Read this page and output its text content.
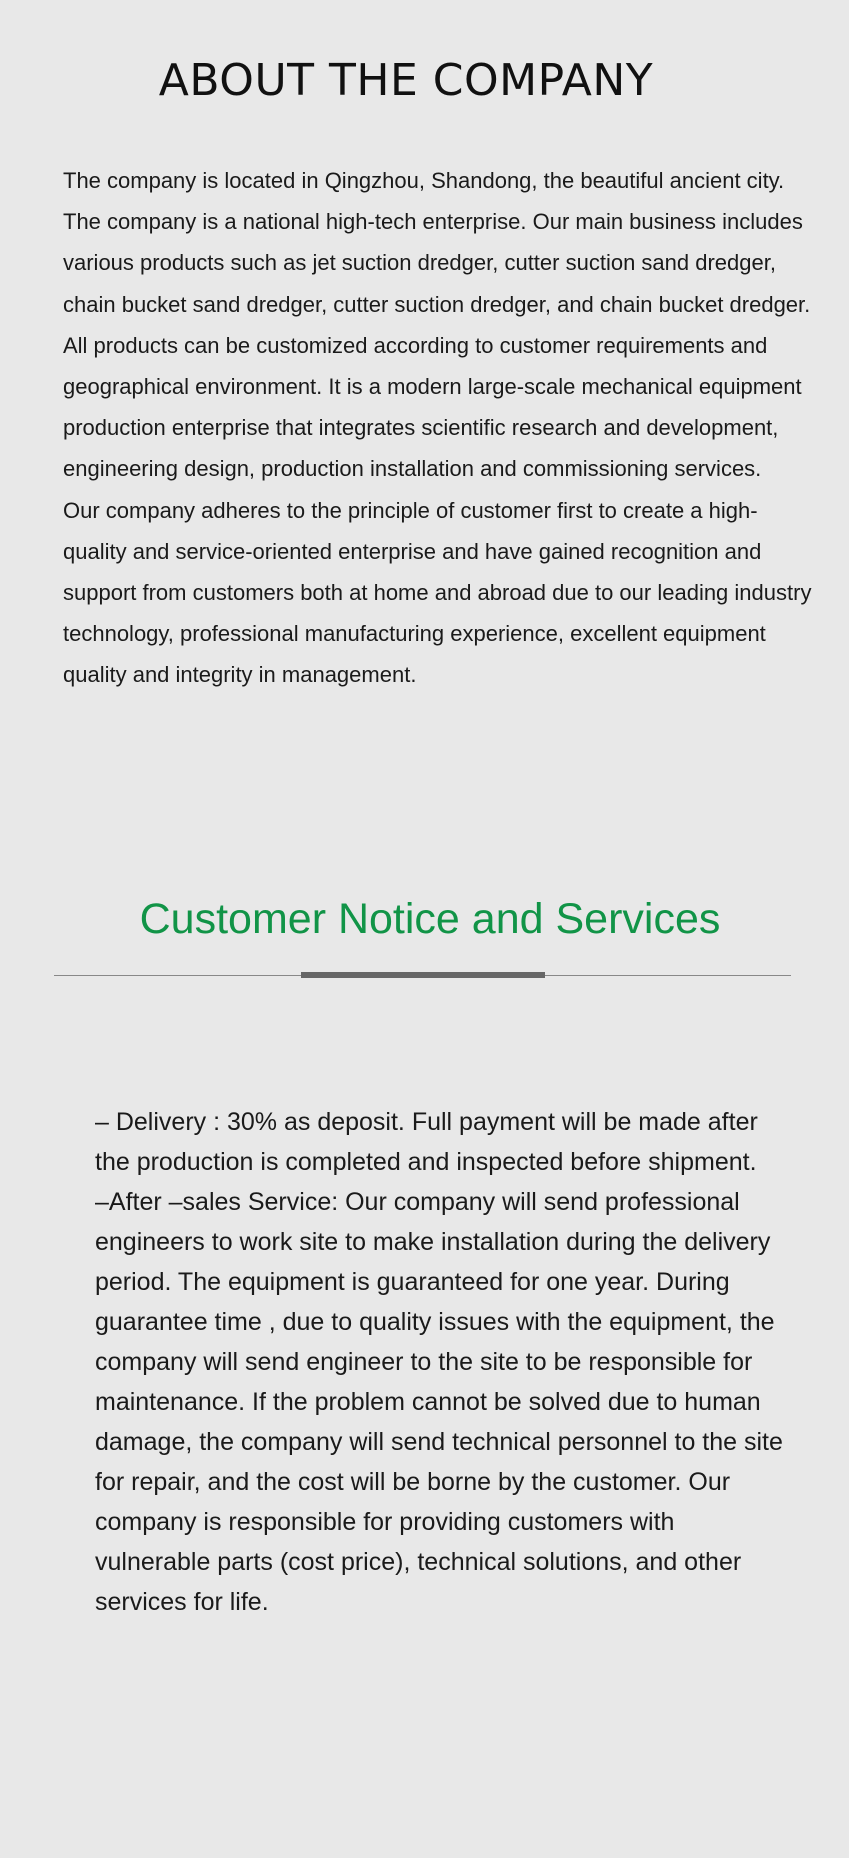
ABOUT THE COMPANY

The company is located in Qingzhou, Shandong, the beautiful ancient city. The company is a national high-tech enterprise. Our main business includes various products such as jet suction dredger, cutter suction sand dredger, chain bucket sand dredger, cutter suction dredger, and chain bucket dredger. All products can be customized according to customer requirements and geographical environment. It is a modern large-scale mechanical equipment production enterprise that integrates scientific research and development, engineering design, production installation and commissioning services.

Our company adheres to the principle of customer first to create a high-quality and service-oriented enterprise and have gained recognition and support from customers both at home and abroad due to our leading industry technology, professional manufacturing experience, excellent equipment quality and integrity in management.

Customer Notice and Services

– Delivery : 30% as deposit. Full payment will be made after the production is completed and inspected before shipment.

–After –sales Service: Our company will send professional engineers to work site to make installation during the delivery period. The equipment is guaranteed for one year. During guarantee time , due to quality issues with the equipment, the company will send engineer to the site to be responsible for maintenance. If the problem cannot be solved due to human damage, the company will send technical personnel to the site for repair, and the cost will be borne by the customer. Our company is responsible for providing customers with vulnerable parts (cost price), technical solutions, and other services for life.
